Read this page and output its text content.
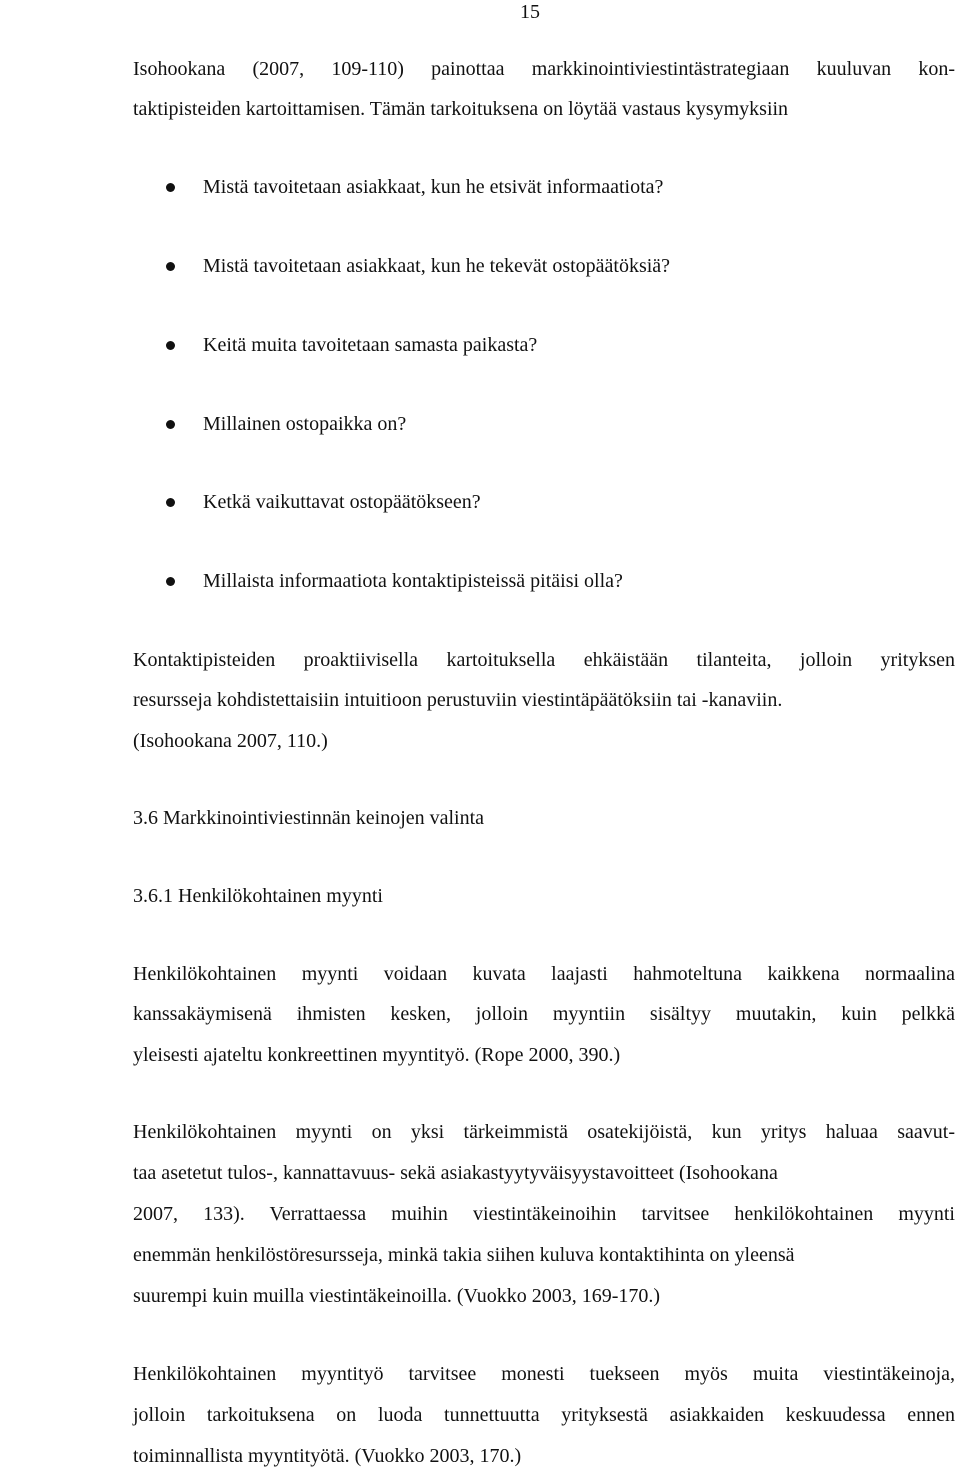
15
Isohookana (2007, 109-110) painottaa markkinointiviestintästrategiaan kuuluvan kon-
taktipisteiden kartoittamisen. Tämän tarkoituksena on löytää vastaus kysymyksiin
Mistä tavoitetaan asiakkaat, kun he etsivät informaatiota?
Mistä tavoitetaan asiakkaat, kun he tekevät ostopäätöksiä?
Keitä muita tavoitetaan samasta paikasta?
Millainen ostopaikka on?
Ketkä vaikuttavat ostopäätökseen?
Millaista informaatiota kontaktipisteissä pitäisi olla?
Kontaktipisteiden proaktiivisella kartoituksella ehkäistään tilanteita, jolloin yrityksen
resursseja kohdistettaisiin intuitioon perustuviin viestintäpäätöksiin tai -kanaviin.
(Isohookana 2007, 110.)
3.6 Markkinointiviestinnän keinojen valinta
3.6.1 Henkilökohtainen myynti
Henkilökohtainen myynti voidaan kuvata laajasti hahmoteltuna kaikkena normaalina
kanssakäymisenä ihmisten kesken, jolloin myyntiin sisältyy muutakin, kuin pelkkä
yleisesti ajateltu konkreettinen myyntityö. (Rope 2000, 390.)
Henkilökohtainen myynti on yksi tärkeimmistä osatekijöistä, kun yritys haluaa saavut-
taa asetetut tulos-, kannattavuus- sekä asiakastyytyväisyystavoitteet (Isohookana
2007, 133). Verrattaessa muihin viestintäkeinoihin tarvitsee henkilökohtainen myynti
enemmän henkilöstöresursseja, minkä takia siihen kuluva kontaktihinta on yleensä
suurempi kuin muilla viestintäkeinoilla. (Vuokko 2003, 169-170.)
Henkilökohtainen myyntityö tarvitsee monesti tuekseen myös muita viestintäkeinoja,
jolloin tarkoituksena on luoda tunnettuutta yrityksestä asiakkaiden keskuudessa ennen
toiminnallista myyntityötä. (Vuokko 2003, 170.)
